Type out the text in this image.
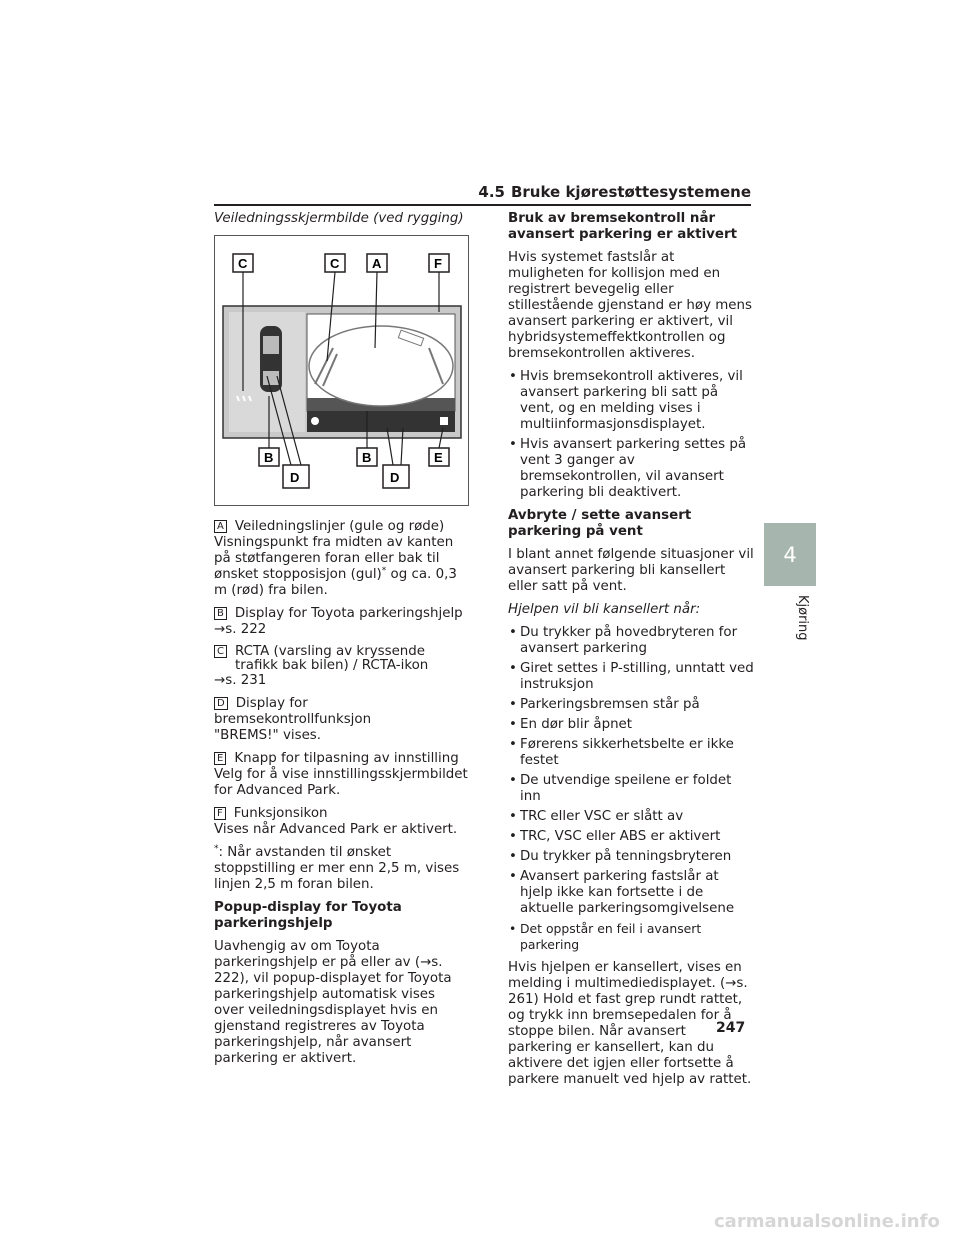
4.5 Bruke kjørestøttesystemene

Veiledningsskjermbilde (ved rygging)

C	C	A	F
B	B	E
D	D
A Veiledningslinjer (gule og røde)

Visningspunkt fra midten av kanten på støtfangeren foran eller bak til ønsket stopposisjon (gul)* og ca. 0,3 m (rød) fra bilen.

B Display for Toyota parkeringshjelp

→s. 222

C RCTA (varsling av kryssende trafikk bak bilen) / RCTA-ikon

→s. 231

D Display for bremsekontrollfunksjon

"BREMS!" vises.

E Knapp for tilpasning av innstilling

Velg for å vise innstillingsskjermbildet for Advanced Park.

F Funksjonsikon

Vises når Advanced Park er aktivert.

*: Når avstanden til ønsket stoppstilling er mer enn 2,5 m, vises linjen 2,5 m foran bilen.

Popup-display for Toyota parkeringshjelp

Uavhengig av om Toyota parkeringshjelp er på eller av (→s. 222), vil popup-displayet for Toyota parkeringshjelp automatisk vises over veiledningsdisplayet hvis en gjenstand registreres av Toyota parkeringshjelp, når avansert parkering er aktivert.

Bruk av bremsekontroll når avansert parkering er aktivert

Hvis systemet fastslår at muligheten for kollisjon med en registrert bevegelig eller stillestående gjenstand er høy mens avansert parkering er aktivert, vil hybridsystemeffektkontrollen og bremsekontrollen aktiveres.

• Hvis bremsekontroll aktiveres, vil avansert parkering bli satt på vent, og en melding vises i multiinformasjonsdisplayet.
• Hvis avansert parkering settes på vent 3 ganger av bremsekontrollen, vil avansert parkering bli deaktivert.

Avbryte / sette avansert parkering på vent

I blant annet følgende situasjoner vil avansert parkering bli kansellert eller satt på vent.

Hjelpen vil bli kansellert når:

• Du trykker på hovedbryteren for avansert parkering
• Giret settes i P-stilling, unntatt ved instruksjon
• Parkeringsbremsen står på
• En dør blir åpnet
• Førerens sikkerhetsbelte er ikke festet
• De utvendige speilene er foldet inn
• TRC eller VSC er slått av
• TRC, VSC eller ABS er aktivert
• Du trykker på tenningsbryteren
• Avansert parkering fastslår at hjelp ikke kan fortsette i de aktuelle parkeringsomgivelsene
• Det oppstår en feil i avansert parkering

Hvis hjelpen er kansellert, vises en melding i multimediedisplayet. (→s. 261) Hold et fast grep rundt rattet, og trykk inn bremsepedalen for å stoppe bilen. Når avansert parkering er kansellert, kan du aktivere det igjen eller fortsette å parkere manuelt ved hjelp av rattet.

4
Kjøring
247
carmanualsonline.info
